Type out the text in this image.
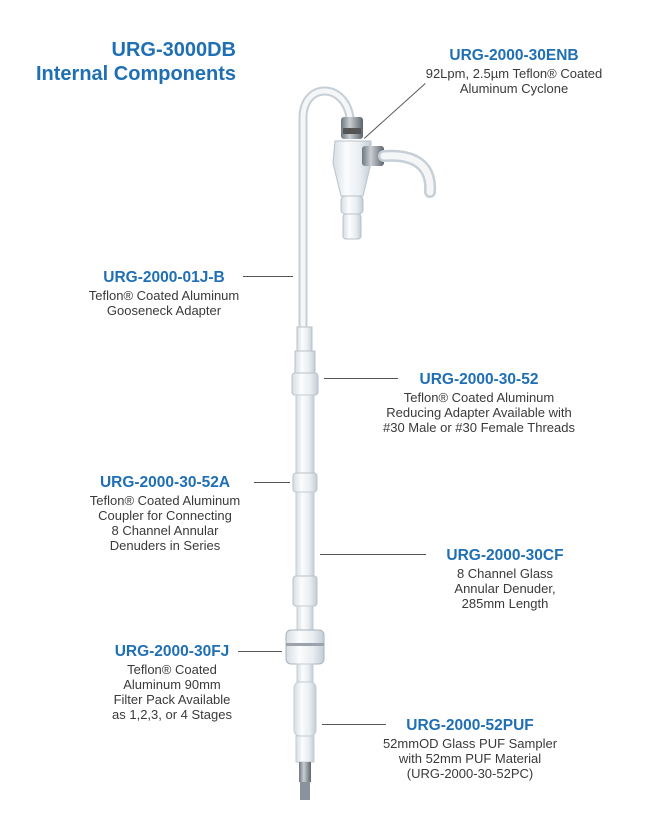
URG-3000DB
Internal Components
URG-2000-30ENB
92Lpm, 2.5µm Teflon® Coated
Aluminum Cyclone
URG-2000-01J-B
Teflon® Coated Aluminum
Gooseneck Adapter
URG-2000-30-52
Teflon® Coated Aluminum
Reducing Adapter Available with
#30 Male or #30 Female Threads
URG-2000-30-52A
Teflon® Coated Aluminum
Coupler for Connecting
8 Channel Annular
Denuders in Series
URG-2000-30CF
8 Channel Glass
Annular Denuder,
285mm Length
URG-2000-30FJ
Teflon® Coated
Aluminum 90mm
Filter Pack Available
as 1,2,3, or 4 Stages
URG-2000-52PUF
52mmOD Glass PUF Sampler
with 52mm PUF Material
(URG-2000-30-52PC)
